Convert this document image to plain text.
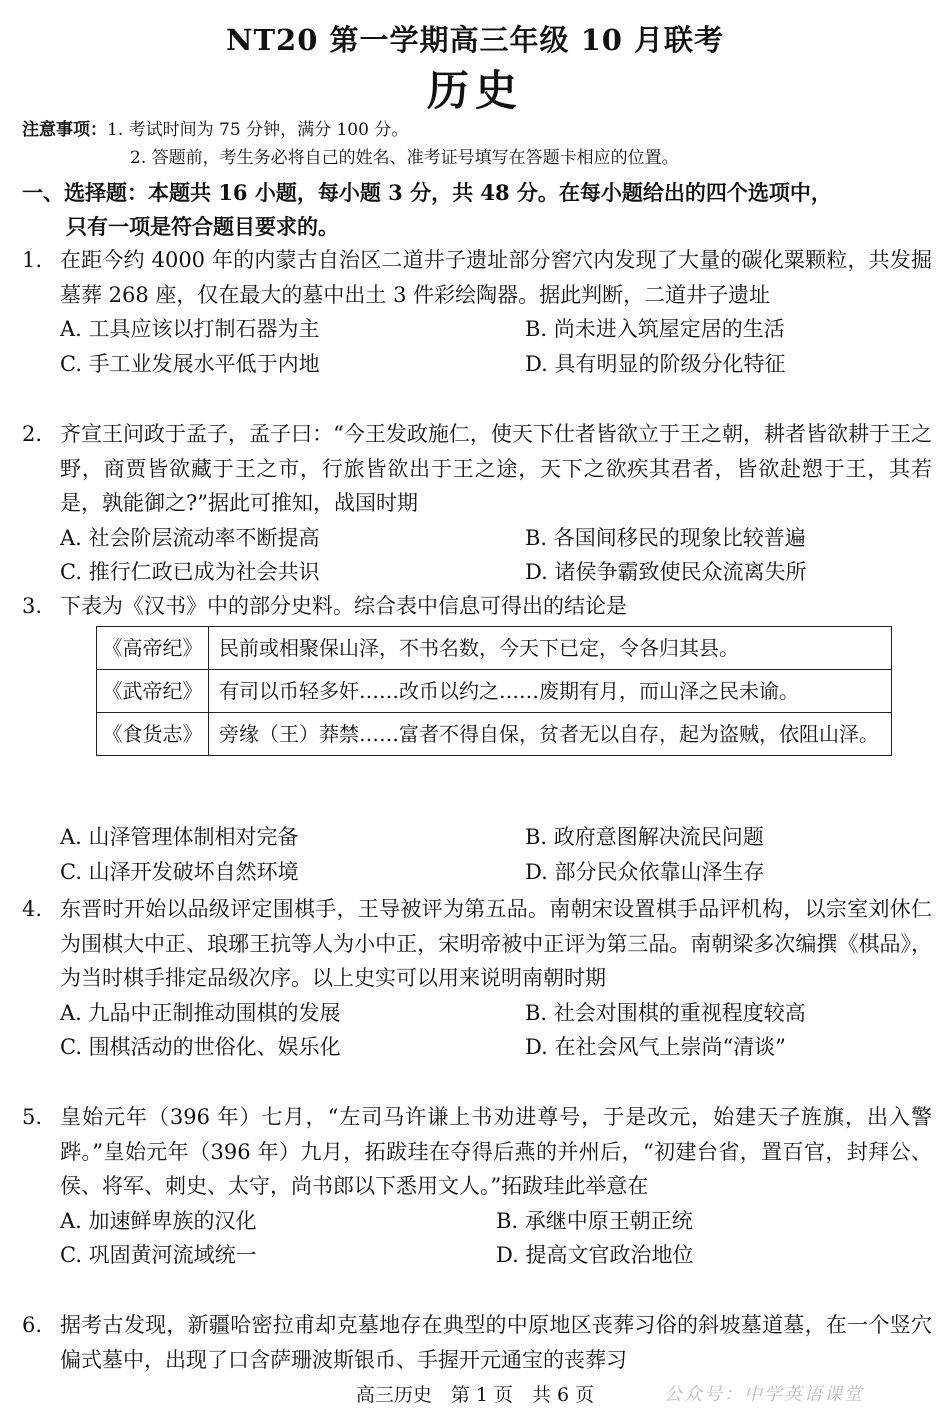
NT20 第一学期高三年级 10 月联考
历史
注意事项：1. 考试时间为 75 分钟，满分 100 分。
2. 答题前，考生务必将自己的姓名、准考证号填写在答题卡相应的位置。
一、选择题：本题共 16 小题，每小题 3 分，共 48 分。在每小题给出的四个选项中，
只有一项是符合题目要求的。
1. 在距今约 4000 年的内蒙古自治区二道井子遗址部分窖穴内发现了大量的碳化粟颗粒，共发掘墓葬 268 座，仅在最大的墓中出土 3 件彩绘陶器。据此判断，二道井子遗址
A. 工具应该以打制石器为主	B. 尚未进入筑屋定居的生活
C. 手工业发展水平低于内地	D. 具有明显的阶级分化特征
2. 齐宣王问政于孟子，孟子曰：“今王发政施仁，使天下仕者皆欲立于王之朝，耕者皆欲耕于王之野，商贾皆欲藏于王之市，行旅皆欲出于王之途，天下之欲疾其君者，皆欲赴愬于王，其若是，孰能御之?”据此可推知，战国时期
A. 社会阶层流动率不断提高	B. 各国间移民的现象比较普遍
C. 推行仁政已成为社会共识	D. 诸侯争霸致使民众流离失所
3. 下表为《汉书》中的部分史料。综合表中信息可得出的结论是
《高帝纪》	民前或相聚保山泽，不书名数，今天下已定，令各归其县。
《武帝纪》	有司以币轻多奸……改币以约之……废期有月，而山泽之民未谕。
《食货志》	旁缘（王）莽禁……富者不得自保，贫者无以自存，起为盗贼，依阻山泽。
A. 山泽管理体制相对完备	B. 政府意图解决流民问题
C. 山泽开发破坏自然环境	D. 部分民众依靠山泽生存
4. 东晋时开始以品级评定围棋手，王导被评为第五品。南朝宋设置棋手品评机构，以宗室刘休仁为围棋大中正、琅琊王抗等人为小中正，宋明帝被中正评为第三品。南朝梁多次编撰《棋品》，为当时棋手排定品级次序。以上史实可以用来说明南朝时期
A. 九品中正制推动围棋的发展	B. 社会对围棋的重视程度较高
C. 围棋活动的世俗化、娱乐化	D. 在社会风气上崇尚“清谈”
5. 皇始元年（396 年）七月，“左司马许谦上书劝进尊号，于是改元，始建天子旌旗，出入警跸。”皇始元年（396 年）九月，拓跋珪在夺得后燕的并州后，“初建台省，置百官，封拜公、侯、将军、刺史、太守，尚书郎以下悉用文人。”拓跋珪此举意在
A. 加速鲜卑族的汉化	B. 承继中原王朝正统
C. 巩固黄河流域统一	D. 提高文官政治地位
6. 据考古发现，新疆哈密拉甫却克墓地存在典型的中原地区丧葬习俗的斜坡墓道墓，在一个竖穴偏式墓中，出现了口含萨珊波斯银币、手握开元通宝的丧葬习
高三历史　第 1 页　共 6 页	公众号：中学英语课堂
